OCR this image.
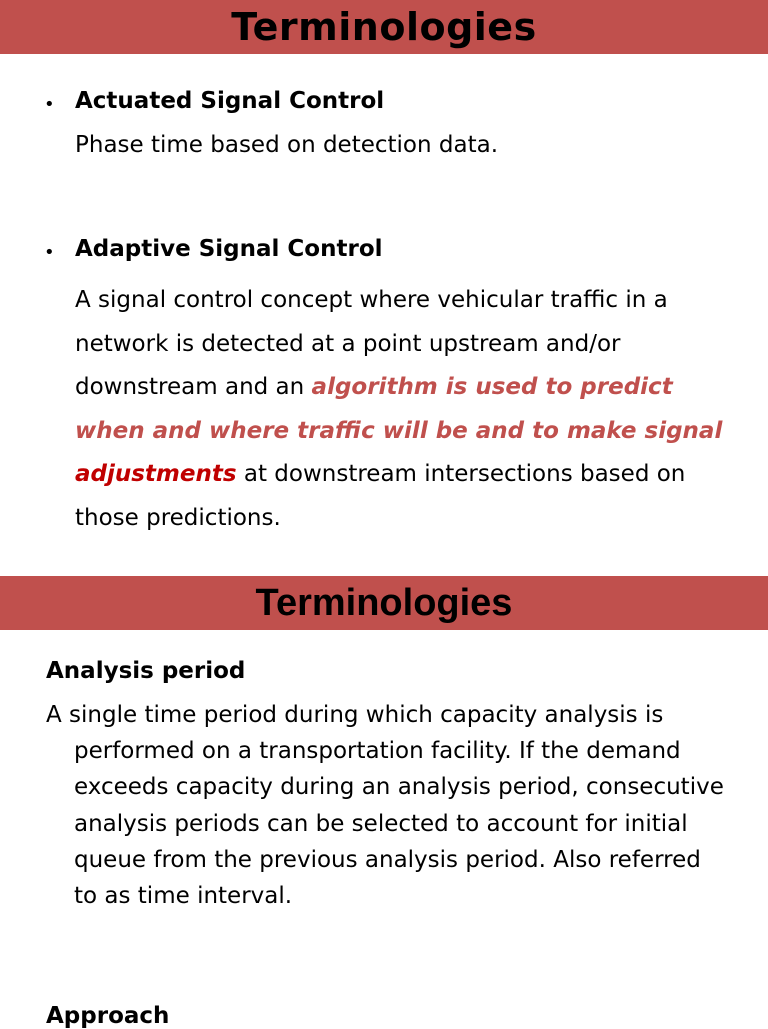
Terminologies
• Actuated Signal Control
Phase time based on detection data.
• Adaptive Signal Control
A signal control concept where vehicular traffic in a network is detected at a point upstream and/or downstream and an algorithm is used to predict when and where traffic will be and to make signal adjustments at downstream intersections based on those predictions.
Terminologies
Analysis period
A single time period during which capacity analysis is performed on a transportation facility. If the demand exceeds capacity during an analysis period, consecutive analysis periods can be selected to account for initial queue from the previous analysis period. Also referred to as time interval.
Approach
